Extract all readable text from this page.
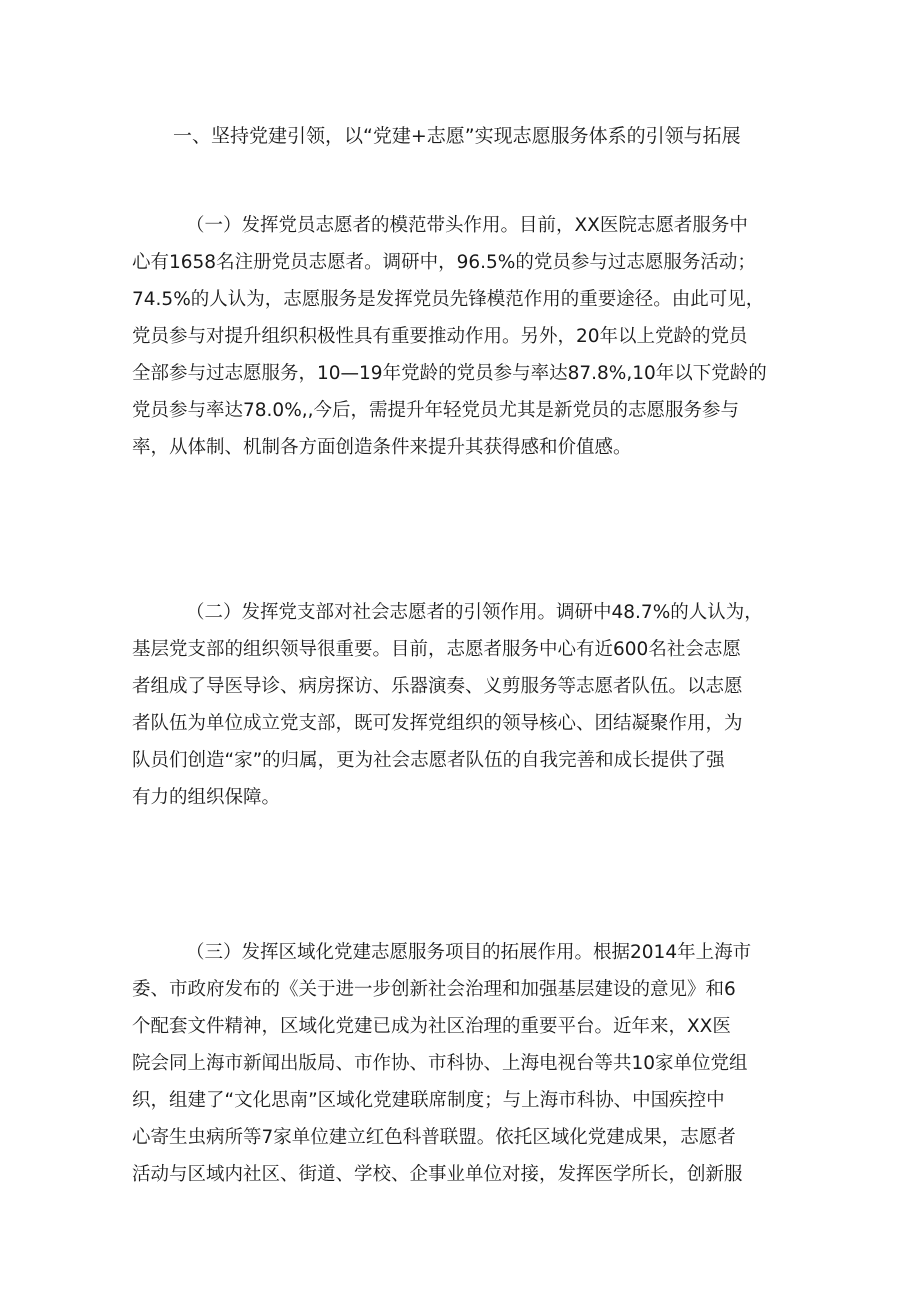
一、坚持党建引领，以“党建+志愿”实现志愿服务体系的引领与拓展
（一）发挥党员志愿者的模范带头作用。目前，XX医院志愿者服务中
心有1658名注册党员志愿者。调研中，96.5%的党员参与过志愿服务活动；
74.5%的人认为，志愿服务是发挥党员先锋模范作用的重要途径。由此可见，
党员参与对提升组织积极性具有重要推动作用。另外，20年以上党龄的党员
全部参与过志愿服务，10—19年党龄的党员参与率达87.8%,10年以下党龄的
党员参与率达78.0%,,今后，需提升年轻党员尤其是新党员的志愿服务参与
率，从体制、机制各方面创造条件来提升其获得感和价值感。
（二）发挥党支部对社会志愿者的引领作用。调研中48.7%的人认为，
基层党支部的组织领导很重要。目前，志愿者服务中心有近600名社会志愿
者组成了导医导诊、病房探访、乐器演奏、义剪服务等志愿者队伍。以志愿
者队伍为单位成立党支部，既可发挥党组织的领导核心、团结凝聚作用，为
队员们创造“家”的归属，更为社会志愿者队伍的自我完善和成长提供了强
有力的组织保障。
（三）发挥区域化党建志愿服务项目的拓展作用。根据2014年上海市
委、市政府发布的《关于进一步创新社会治理和加强基层建设的意见》和6
个配套文件精神，区域化党建已成为社区治理的重要平台。近年来，XX医
院会同上海市新闻出版局、市作协、市科协、上海电视台等共10家单位党组
织，组建了“文化思南”区域化党建联席制度；与上海市科协、中国疾控中
心寄生虫病所等7家单位建立红色科普联盟。依托区域化党建成果，志愿者
活动与区域内社区、街道、学校、企事业单位对接，发挥医学所长，创新服
